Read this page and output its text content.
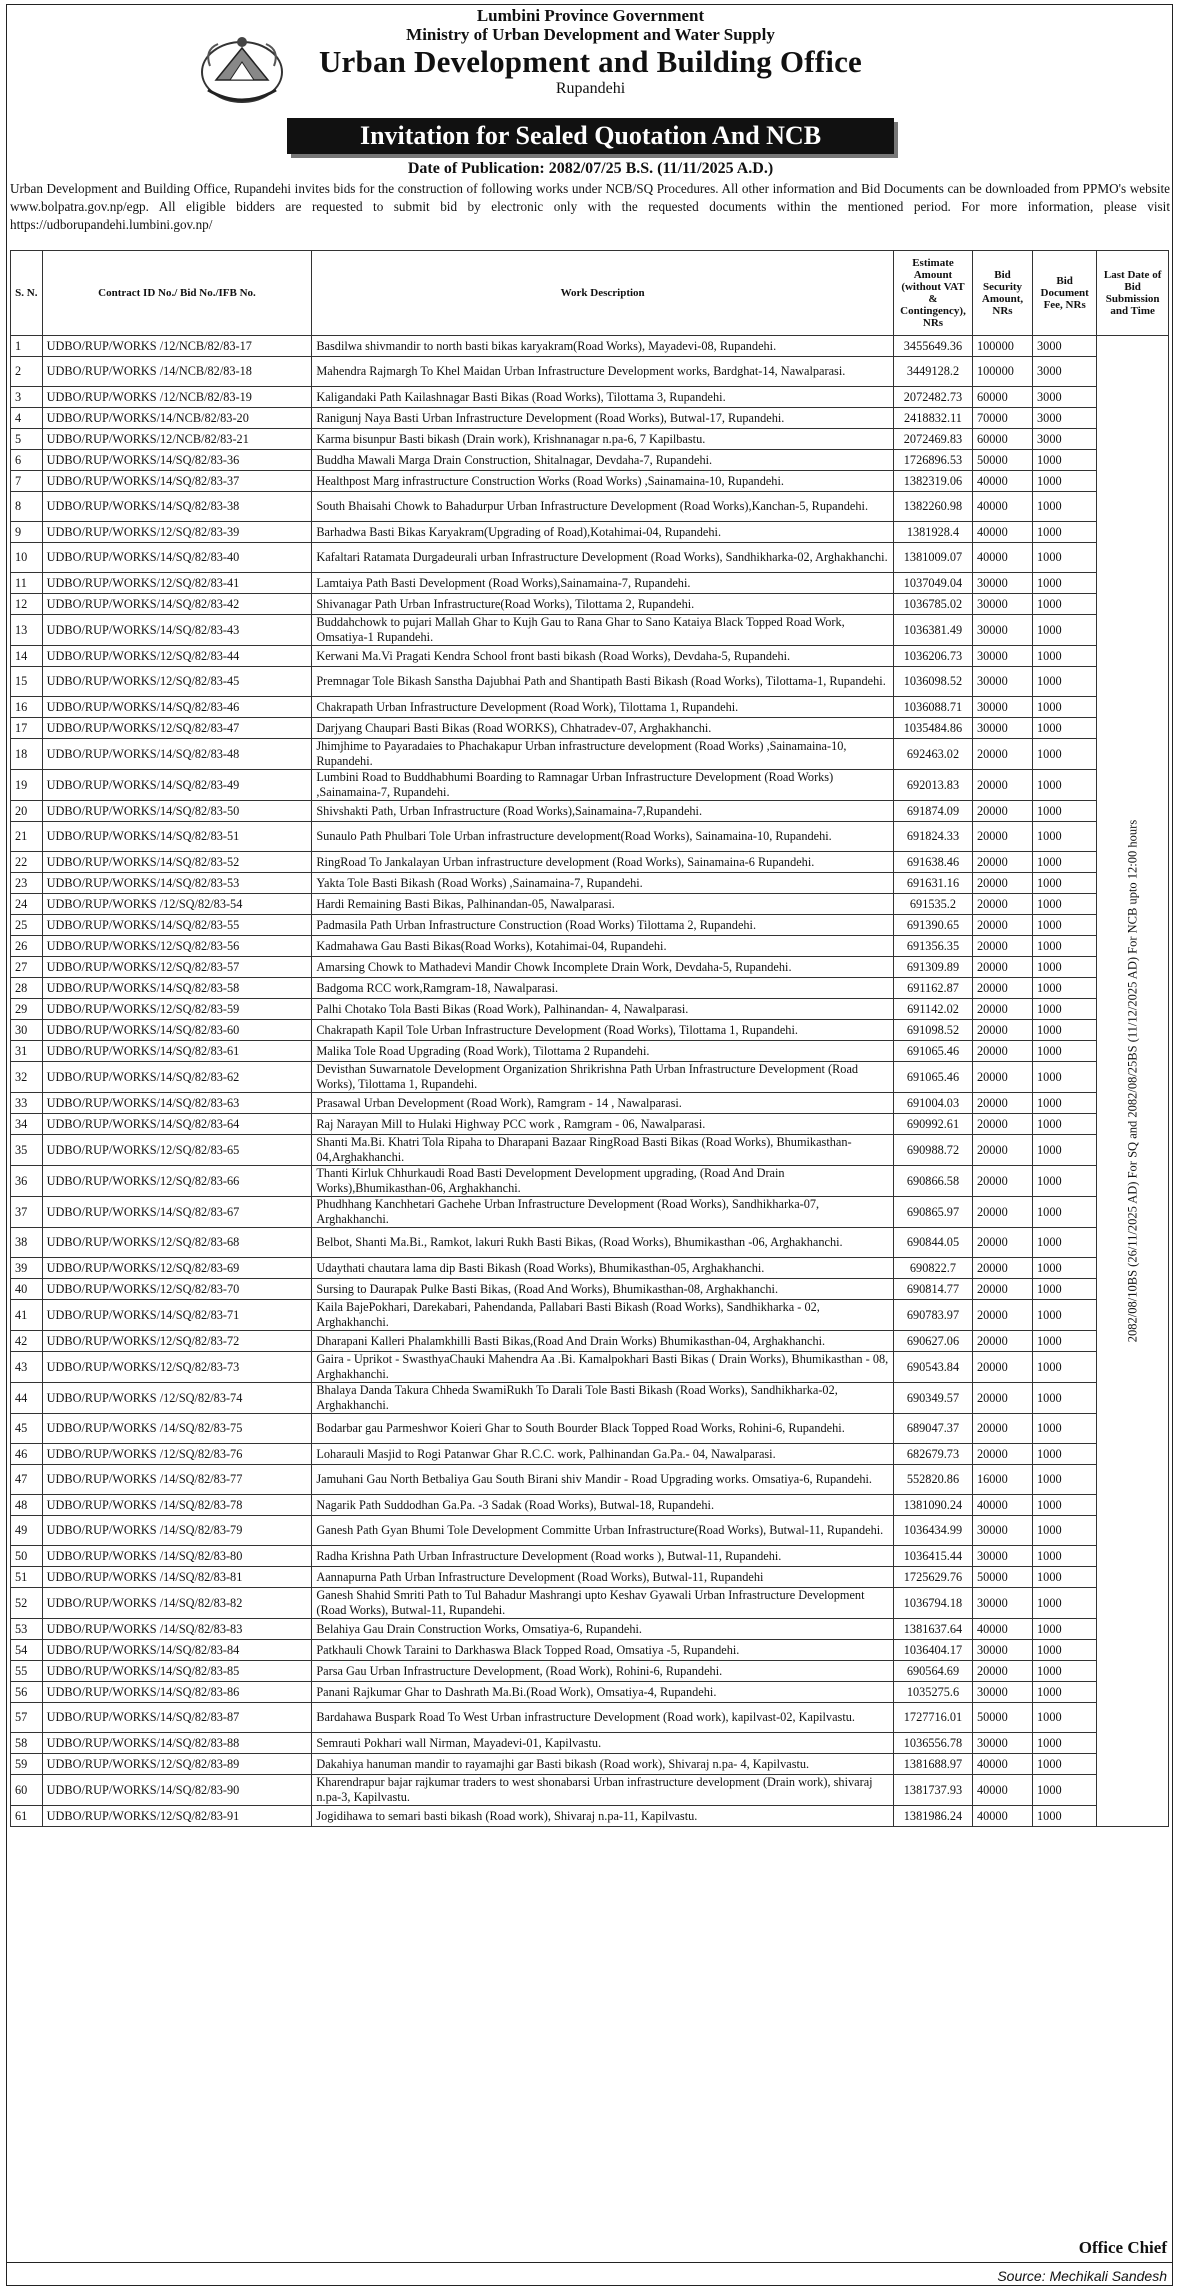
Lumbini Province Government
Ministry of Urban Development and Water Supply
Urban Development and Building Office
Rupandehi
Invitation for Sealed Quotation And NCB
Date of Publication: 2082/07/25 B.S. (11/11/2025 A.D.)
Urban Development and Building Office, Rupandehi invites bids for the construction of following works under NCB/SQ Procedures. All other information and Bid Documents can be downloaded from PPMO's website www.bolpatra.gov.np/egp. All eligible bidders are requested to submit bid by electronic only with the requested documents within the mentioned period. For more information, please visit https://udborupandehi.lumbini.gov.np/
S. N.	Contract ID No./ Bid No./IFB No.	Work Description	Estimate Amount (without VAT & Contingency), NRs	Bid Security Amount, NRs	Bid Document Fee, NRs	Last Date of Bid Submission and Time
1	UDBO/RUP/WORKS /12/NCB/82/83-17	Basdilwa shivmandir to north basti bikas karyakram(Road Works), Mayadevi-08, Rupandehi.	3455649.36	100000	3000	2082/08/10BS (26/11/2025 AD) For SQ and 2082/08/25BS (11/12/2025 AD) For NCB upto 12:00 hours

2	UDBO/RUP/WORKS /14/NCB/82/83-18	Mahendra Rajmargh To Khel Maidan Urban Infrastructure Development works, Bardghat-14, Nawalparasi.	3449128.2	100000	3000	
3	UDBO/RUP/WORKS /12/NCB/82/83-19	Kaligandaki Path Kailashnagar Basti Bikas (Road Works), Tilottama 3, Rupandehi.	2072482.73	60000	3000	
4	UDBO/RUP/WORKS/14/NCB/82/83-20	Ranigunj Naya Basti Urban Infrastructure Development (Road Works), Butwal-17, Rupandehi.	2418832.11	70000	3000	
5	UDBO/RUP/WORKS/12/NCB/82/83-21	Karma bisunpur Basti bikash (Drain work), Krishnanagar n.pa-6, 7 Kapilbastu.	2072469.83	60000	3000	
6	UDBO/RUP/WORKS/14/SQ/82/83-36	Buddha Mawali Marga Drain Construction, Shitalnagar, Devdaha-7, Rupandehi.	1726896.53	50000	1000	
7	UDBO/RUP/WORKS/14/SQ/82/83-37	Healthpost Marg infrastructure Construction Works (Road Works) ,Sainamaina-10, Rupandehi.	1382319.06	40000	1000	
8	UDBO/RUP/WORKS/14/SQ/82/83-38	South Bhaisahi Chowk to Bahadurpur Urban Infrastructure Development (Road Works),Kanchan-5, Rupandehi.	1382260.98	40000	1000	
9	UDBO/RUP/WORKS/12/SQ/82/83-39	Barhadwa Basti Bikas Karyakram(Upgrading of Road),Kotahimai-04, Rupandehi.	1381928.4	40000	1000	
10	UDBO/RUP/WORKS/14/SQ/82/83-40	Kafaltari Ratamata Durgadeurali urban Infrastructure Development (Road Works), Sandhikharka-02, Arghakhanchi.	1381009.07	40000	1000	
11	UDBO/RUP/WORKS/12/SQ/82/83-41	Lamtaiya Path Basti Development (Road Works),Sainamaina-7, Rupandehi.	1037049.04	30000	1000	
12	UDBO/RUP/WORKS/14/SQ/82/83-42	Shivanagar Path Urban Infrastructure(Road Works), Tilottama 2, Rupandehi.	1036785.02	30000	1000	
13	UDBO/RUP/WORKS/14/SQ/82/83-43	Buddahchowk to pujari Mallah Ghar to Kujh Gau to Rana Ghar to Sano Kataiya Black Topped Road Work, Omsatiya-1 Rupandehi.	1036381.49	30000	1000	
14	UDBO/RUP/WORKS/12/SQ/82/83-44	Kerwani Ma.Vi Pragati Kendra School front basti bikash (Road Works), Devdaha-5, Rupandehi.	1036206.73	30000	1000	
15	UDBO/RUP/WORKS/12/SQ/82/83-45	Premnagar Tole Bikash Sanstha Dajubhai Path and Shantipath Basti Bikash (Road Works), Tilottama-1, Rupandehi.	1036098.52	30000	1000	
16	UDBO/RUP/WORKS/14/SQ/82/83-46	Chakrapath Urban Infrastructure Development (Road Work), Tilottama 1, Rupandehi.	1036088.71	30000	1000	
17	UDBO/RUP/WORKS/12/SQ/82/83-47	Darjyang Chaupari Basti Bikas (Road WORKS), Chhatradev-07, Arghakhanchi.	1035484.86	30000	1000	
18	UDBO/RUP/WORKS/14/SQ/82/83-48	Jhimjhime to Payaradaies to Phachakapur Urban infrastructure development (Road Works) ,Sainamaina-10, Rupandehi.	692463.02	20000	1000	
19	UDBO/RUP/WORKS/14/SQ/82/83-49	Lumbini Road to Buddhabhumi Boarding to Ramnagar Urban Infrastructure Development (Road Works) ,Sainamaina-7, Rupandehi.	692013.83	20000	1000	
20	UDBO/RUP/WORKS/14/SQ/82/83-50	Shivshakti Path, Urban Infrastructure (Road Works),Sainamaina-7,Rupandehi.	691874.09	20000	1000	
21	UDBO/RUP/WORKS/14/SQ/82/83-51	Sunaulo Path Phulbari Tole Urban infrastructure development(Road Works), Sainamaina-10, Rupandehi.	691824.33	20000	1000	
22	UDBO/RUP/WORKS/14/SQ/82/83-52	RingRoad To Jankalayan Urban infrastructure development (Road Works), Sainamaina-6 Rupandehi.	691638.46	20000	1000	
23	UDBO/RUP/WORKS/14/SQ/82/83-53	Yakta Tole Basti Bikash (Road Works) ,Sainamaina-7, Rupandehi.	691631.16	20000	1000	
24	UDBO/RUP/WORKS /12/SQ/82/83-54	Hardi Remaining Basti Bikas, Palhinandan-05, Nawalparasi.	691535.2	20000	1000	
25	UDBO/RUP/WORKS/14/SQ/82/83-55	Padmasila Path Urban Infrastructure Construction (Road Works) Tilottama 2, Rupandehi.	691390.65	20000	1000	
26	UDBO/RUP/WORKS/12/SQ/82/83-56	Kadmahawa Gau Basti Bikas(Road Works), Kotahimai-04, Rupandehi.	691356.35	20000	1000	
27	UDBO/RUP/WORKS/12/SQ/82/83-57	Amarsing Chowk to Mathadevi Mandir Chowk Incomplete Drain Work, Devdaha-5, Rupandehi.	691309.89	20000	1000	
28	UDBO/RUP/WORKS/14/SQ/82/83-58	Badgoma RCC work,Ramgram-18, Nawalparasi.	691162.87	20000	1000	
29	UDBO/RUP/WORKS/12/SQ/82/83-59	Palhi Chotako Tola Basti Bikas (Road Work), Palhinandan- 4, Nawalparasi.	691142.02	20000	1000	
30	UDBO/RUP/WORKS/14/SQ/82/83-60	Chakrapath Kapil Tole Urban Infrastructure Development (Road Works), Tilottama 1, Rupandehi.	691098.52	20000	1000	
31	UDBO/RUP/WORKS/14/SQ/82/83-61	Malika Tole Road Upgrading (Road Work), Tilottama 2 Rupandehi.	691065.46	20000	1000	
32	UDBO/RUP/WORKS/14/SQ/82/83-62	Devisthan Suwarnatole Development Organization Shrikrishna Path Urban Infrastructure Development (Road Works), Tilottama 1, Rupandehi.	691065.46	20000	1000	
33	UDBO/RUP/WORKS/14/SQ/82/83-63	Prasawal Urban Development (Road Work), Ramgram - 14 , Nawalparasi.	691004.03	20000	1000	
34	UDBO/RUP/WORKS/14/SQ/82/83-64	Raj Narayan Mill to Hulaki Highway PCC work , Ramgram - 06, Nawalparasi.	690992.61	20000	1000	
35	UDBO/RUP/WORKS/12/SQ/82/83-65	Shanti Ma.Bi. Khatri Tola Ripaha to Dharapani Bazaar RingRoad Basti Bikas (Road Works), Bhumikasthan-04,Arghakhanchi.	690988.72	20000	1000	
36	UDBO/RUP/WORKS/12/SQ/82/83-66	Thanti Kirluk Chhurkaudi Road Basti Development Development upgrading, (Road And Drain Works),Bhumikasthan-06, Arghakhanchi.	690866.58	20000	1000	
37	UDBO/RUP/WORKS/14/SQ/82/83-67	Phudhhang Kanchhetari Gachehe Urban Infrastructure Development (Road Works), Sandhikharka-07, Arghakhanchi.	690865.97	20000	1000	
38	UDBO/RUP/WORKS/12/SQ/82/83-68	Belbot, Shanti Ma.Bi., Ramkot, lakuri Rukh Basti Bikas, (Road Works), Bhumikasthan -06, Arghakhanchi.	690844.05	20000	1000	
39	UDBO/RUP/WORKS/12/SQ/82/83-69	Udaythati chautara lama dip Basti Bikash (Road Works), Bhumikasthan-05, Arghakhanchi.	690822.7	20000	1000	
40	UDBO/RUP/WORKS/12/SQ/82/83-70	Sursing to Daurapak Pulke Basti Bikas, (Road And Works), Bhumikasthan-08, Arghakhanchi.	690814.77	20000	1000	
41	UDBO/RUP/WORKS/14/SQ/82/83-71	Kaila BajePokhari, Darekabari, Pahendanda, Pallabari Basti Bikash (Road Works), Sandhikharka - 02, Arghakhanchi.	690783.97	20000	1000	
42	UDBO/RUP/WORKS/12/SQ/82/83-72	Dharapani Kalleri Phalamkhilli Basti Bikas,(Road And Drain Works) Bhumikasthan-04, Arghakhanchi.	690627.06	20000	1000	
43	UDBO/RUP/WORKS/12/SQ/82/83-73	Gaira - Uprikot - SwasthyaChauki Mahendra Aa .Bi. Kamalpokhari Basti Bikas ( Drain Works), Bhumikasthan - 08, Arghakhanchi.	690543.84	20000	1000	
44	UDBO/RUP/WORKS /12/SQ/82/83-74	Bhalaya Danda Takura Chheda SwamiRukh To Darali Tole Basti Bikash (Road Works), Sandhikharka-02, Arghakhanchi.	690349.57	20000	1000	
45	UDBO/RUP/WORKS /14/SQ/82/83-75	Bodarbar gau Parmeshwor Koieri Ghar to South Bourder Black Topped Road Works, Rohini-6, Rupandehi.	689047.37	20000	1000	
46	UDBO/RUP/WORKS /12/SQ/82/83-76	Loharauli Masjid to Rogi Patanwar Ghar R.C.C. work, Palhinandan Ga.Pa.- 04, Nawalparasi.	682679.73	20000	1000	
47	UDBO/RUP/WORKS /14/SQ/82/83-77	Jamuhani Gau North Betbaliya Gau South Birani shiv Mandir - Road Upgrading works. Omsatiya-6, Rupandehi.	552820.86	16000	1000	
48	UDBO/RUP/WORKS /14/SQ/82/83-78	Nagarik Path Suddodhan Ga.Pa. -3 Sadak (Road Works), Butwal-18, Rupandehi.	1381090.24	40000	1000	
49	UDBO/RUP/WORKS /14/SQ/82/83-79	Ganesh Path Gyan Bhumi Tole Development Committe Urban Infrastructure(Road Works), Butwal-11, Rupandehi.	1036434.99	30000	1000	
50	UDBO/RUP/WORKS /14/SQ/82/83-80	Radha Krishna Path Urban Infrastructure Development (Road works ), Butwal-11, Rupandehi.	1036415.44	30000	1000	
51	UDBO/RUP/WORKS /14/SQ/82/83-81	Aannapurna Path Urban Infrastructure Development (Road Works), Butwal-11, Rupandehi	1725629.76	50000	1000	
52	UDBO/RUP/WORKS /14/SQ/82/83-82	Ganesh Shahid Smriti Path to Tul Bahadur Mashrangi upto Keshav Gyawali Urban Infrastructure Development (Road Works), Butwal-11, Rupandehi.	1036794.18	30000	1000	
53	UDBO/RUP/WORKS /14/SQ/82/83-83	Belahiya Gau Drain Construction Works, Omsatiya-6, Rupandehi.	1381637.64	40000	1000	
54	UDBO/RUP/WORKS/14/SQ/82/83-84	Patkhauli Chowk Taraini to Darkhaswa Black Topped Road, Omsatiya -5, Rupandehi.	1036404.17	30000	1000	
55	UDBO/RUP/WORKS/14/SQ/82/83-85	Parsa Gau Urban Infrastructure Development, (Road Work), Rohini-6, Rupandehi.	690564.69	20000	1000	
56	UDBO/RUP/WORKS/14/SQ/82/83-86	Panani Rajkumar Ghar to Dashrath Ma.Bi.(Road Work), Omsatiya-4, Rupandehi.	1035275.6	30000	1000	
57	UDBO/RUP/WORKS/14/SQ/82/83-87	Bardahawa Buspark Road To West Urban infrastructure Development (Road work), kapilvast-02, Kapilvastu.	1727716.01	50000	1000	
58	UDBO/RUP/WORKS/14/SQ/82/83-88	Semrauti Pokhari wall Nirman, Mayadevi-01, Kapilvastu.	1036556.78	30000	1000	
59	UDBO/RUP/WORKS/12/SQ/82/83-89	Dakahiya hanuman mandir to rayamajhi gar Basti bikash (Road work), Shivaraj n.pa- 4, Kapilvastu.	1381688.97	40000	1000	
60	UDBO/RUP/WORKS/14/SQ/82/83-90	Kharendrapur bajar rajkumar traders to west shonabarsi Urban infrastructure development (Drain work), shivaraj n.pa-3, Kapilvastu.	1381737.93	40000	1000	
61	UDBO/RUP/WORKS/12/SQ/82/83-91	Jogidihawa to semari basti bikash (Road work), Shivaraj n.pa-11, Kapilvastu.	1381986.24	40000	1000	
Office Chief
Source: Mechikali Sandesh
